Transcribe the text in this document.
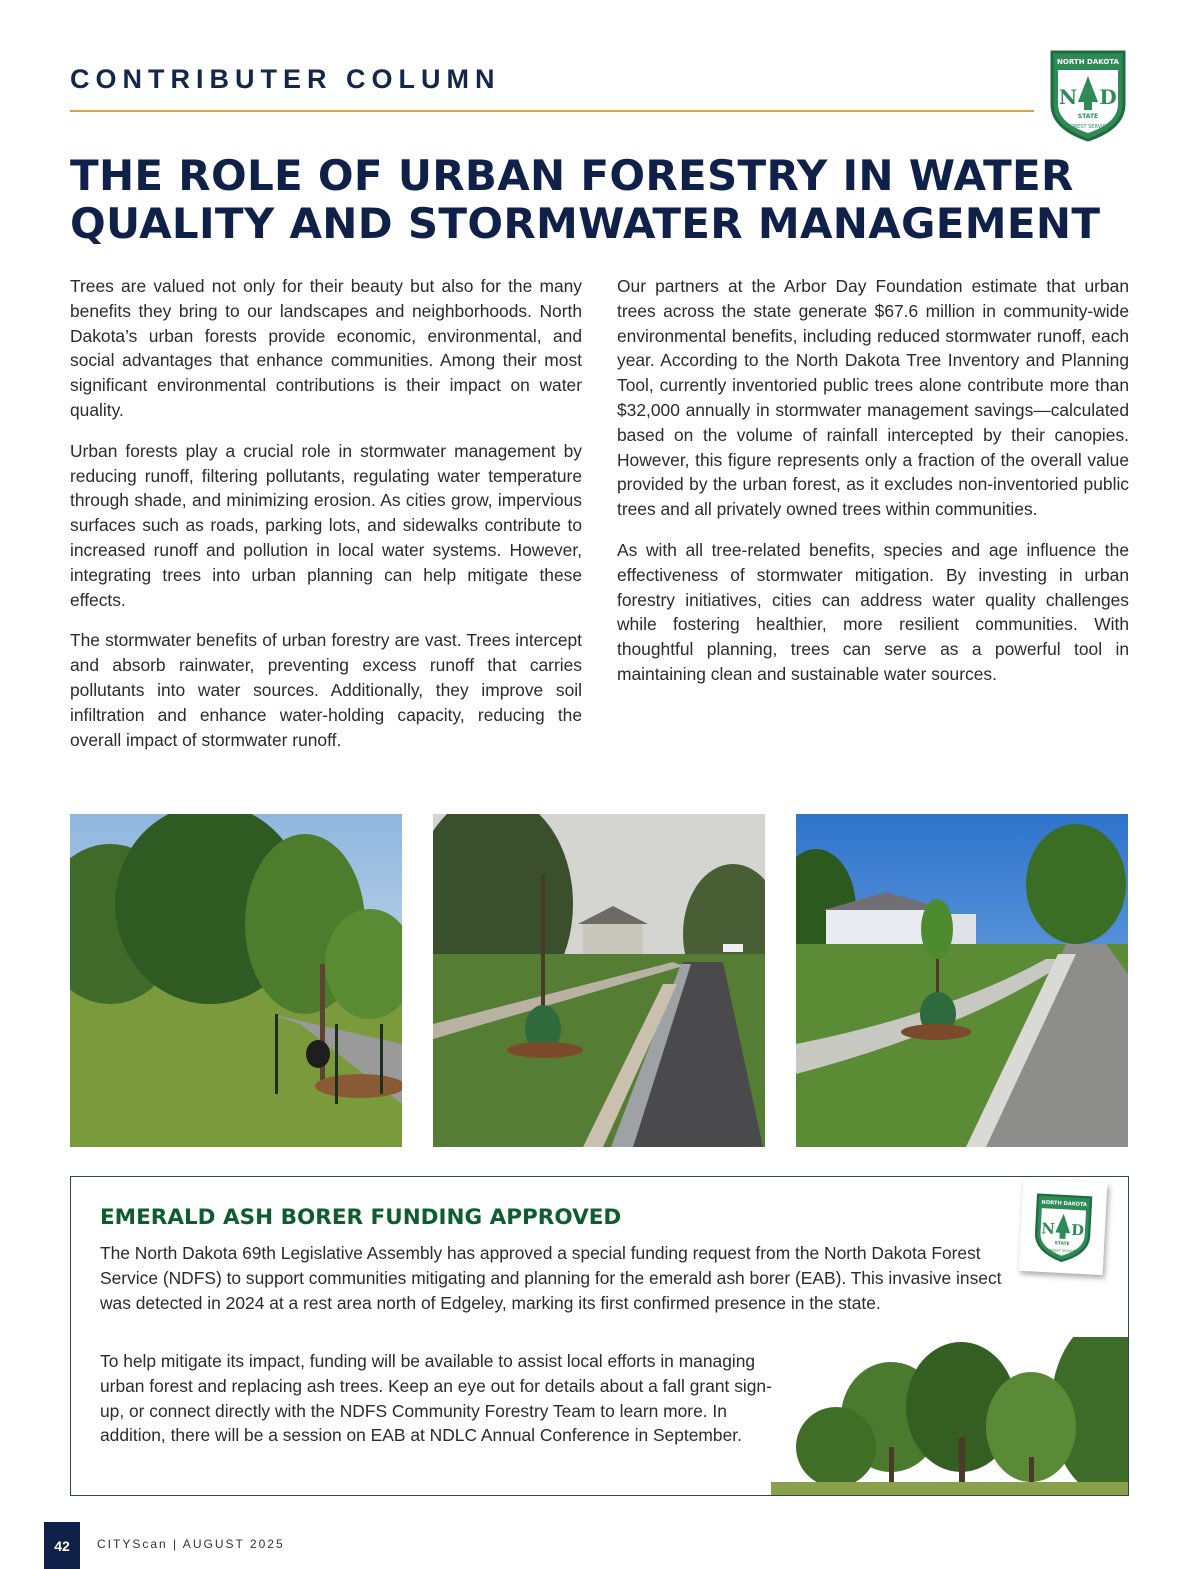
CONTRIBUTER COLUMN
NORTH DAKOTA
N D
STATE
FOREST SERVICE
THE ROLE OF URBAN FORESTRY IN WATER
QUALITY AND STORMWATER MANAGEMENT

Trees are valued not only for their beauty but also for the many benefits they bring to our landscapes and neighborhoods. North Dakota’s urban forests provide economic, environmental, and social advantages that enhance communities. Among their most significant environmental contributions is their impact on water quality.

Urban forests play a crucial role in stormwater management by reducing runoff, filtering pollutants, regulating water temperature through shade, and minimizing erosion. As cities grow, impervious surfaces such as roads, parking lots, and sidewalks contribute to increased runoff and pollution in local water systems. However, integrating trees into urban planning can help mitigate these effects.

The stormwater benefits of urban forestry are vast. Trees intercept and absorb rainwater, preventing excess runoff that carries pollutants into water sources. Additionally, they improve soil infiltration and enhance water-holding capacity, reducing the overall impact of stormwater runoff.

Our partners at the Arbor Day Foundation estimate that urban trees across the state generate $67.6 million in community-wide environmental benefits, including reduced stormwater runoff, each year. According to the North Dakota Tree Inventory and Planning Tool, currently inventoried public trees alone contribute more than $32,000 annually in stormwater management savings—calculated based on the volume of rainfall intercepted by their canopies. However, this figure represents only a fraction of the overall value provided by the urban forest, as it excludes non-inventoried public trees and all privately owned trees within communities.

As with all tree-related benefits, species and age influence the effectiveness of stormwater mitigation. By investing in urban forestry initiatives, cities can address water quality challenges while fostering healthier, more resilient communities. With thoughtful planning, trees can serve as a powerful tool in maintaining clean and sustainable water sources.

EMERALD ASH BORER FUNDING APPROVED

The North Dakota 69th Legislative Assembly has approved a special funding request from the North Dakota Forest Service (NDFS) to support communities mitigating and planning for the emerald ash borer (EAB). This invasive insect was detected in 2024 at a rest area north of Edgeley, marking its first confirmed presence in the state.

To help mitigate its impact, funding will be available to assist local efforts in managing urban forest and replacing ash trees. Keep an eye out for details about a fall grant sign-up, or connect directly with the NDFS Community Forestry Team to learn more. In addition, there will be a session on EAB at NDLC Annual Conference in September.

NORTH DAKOTA
N D
STATE
FOREST SERVICE
42	CITYScan | AUGUST 2025
